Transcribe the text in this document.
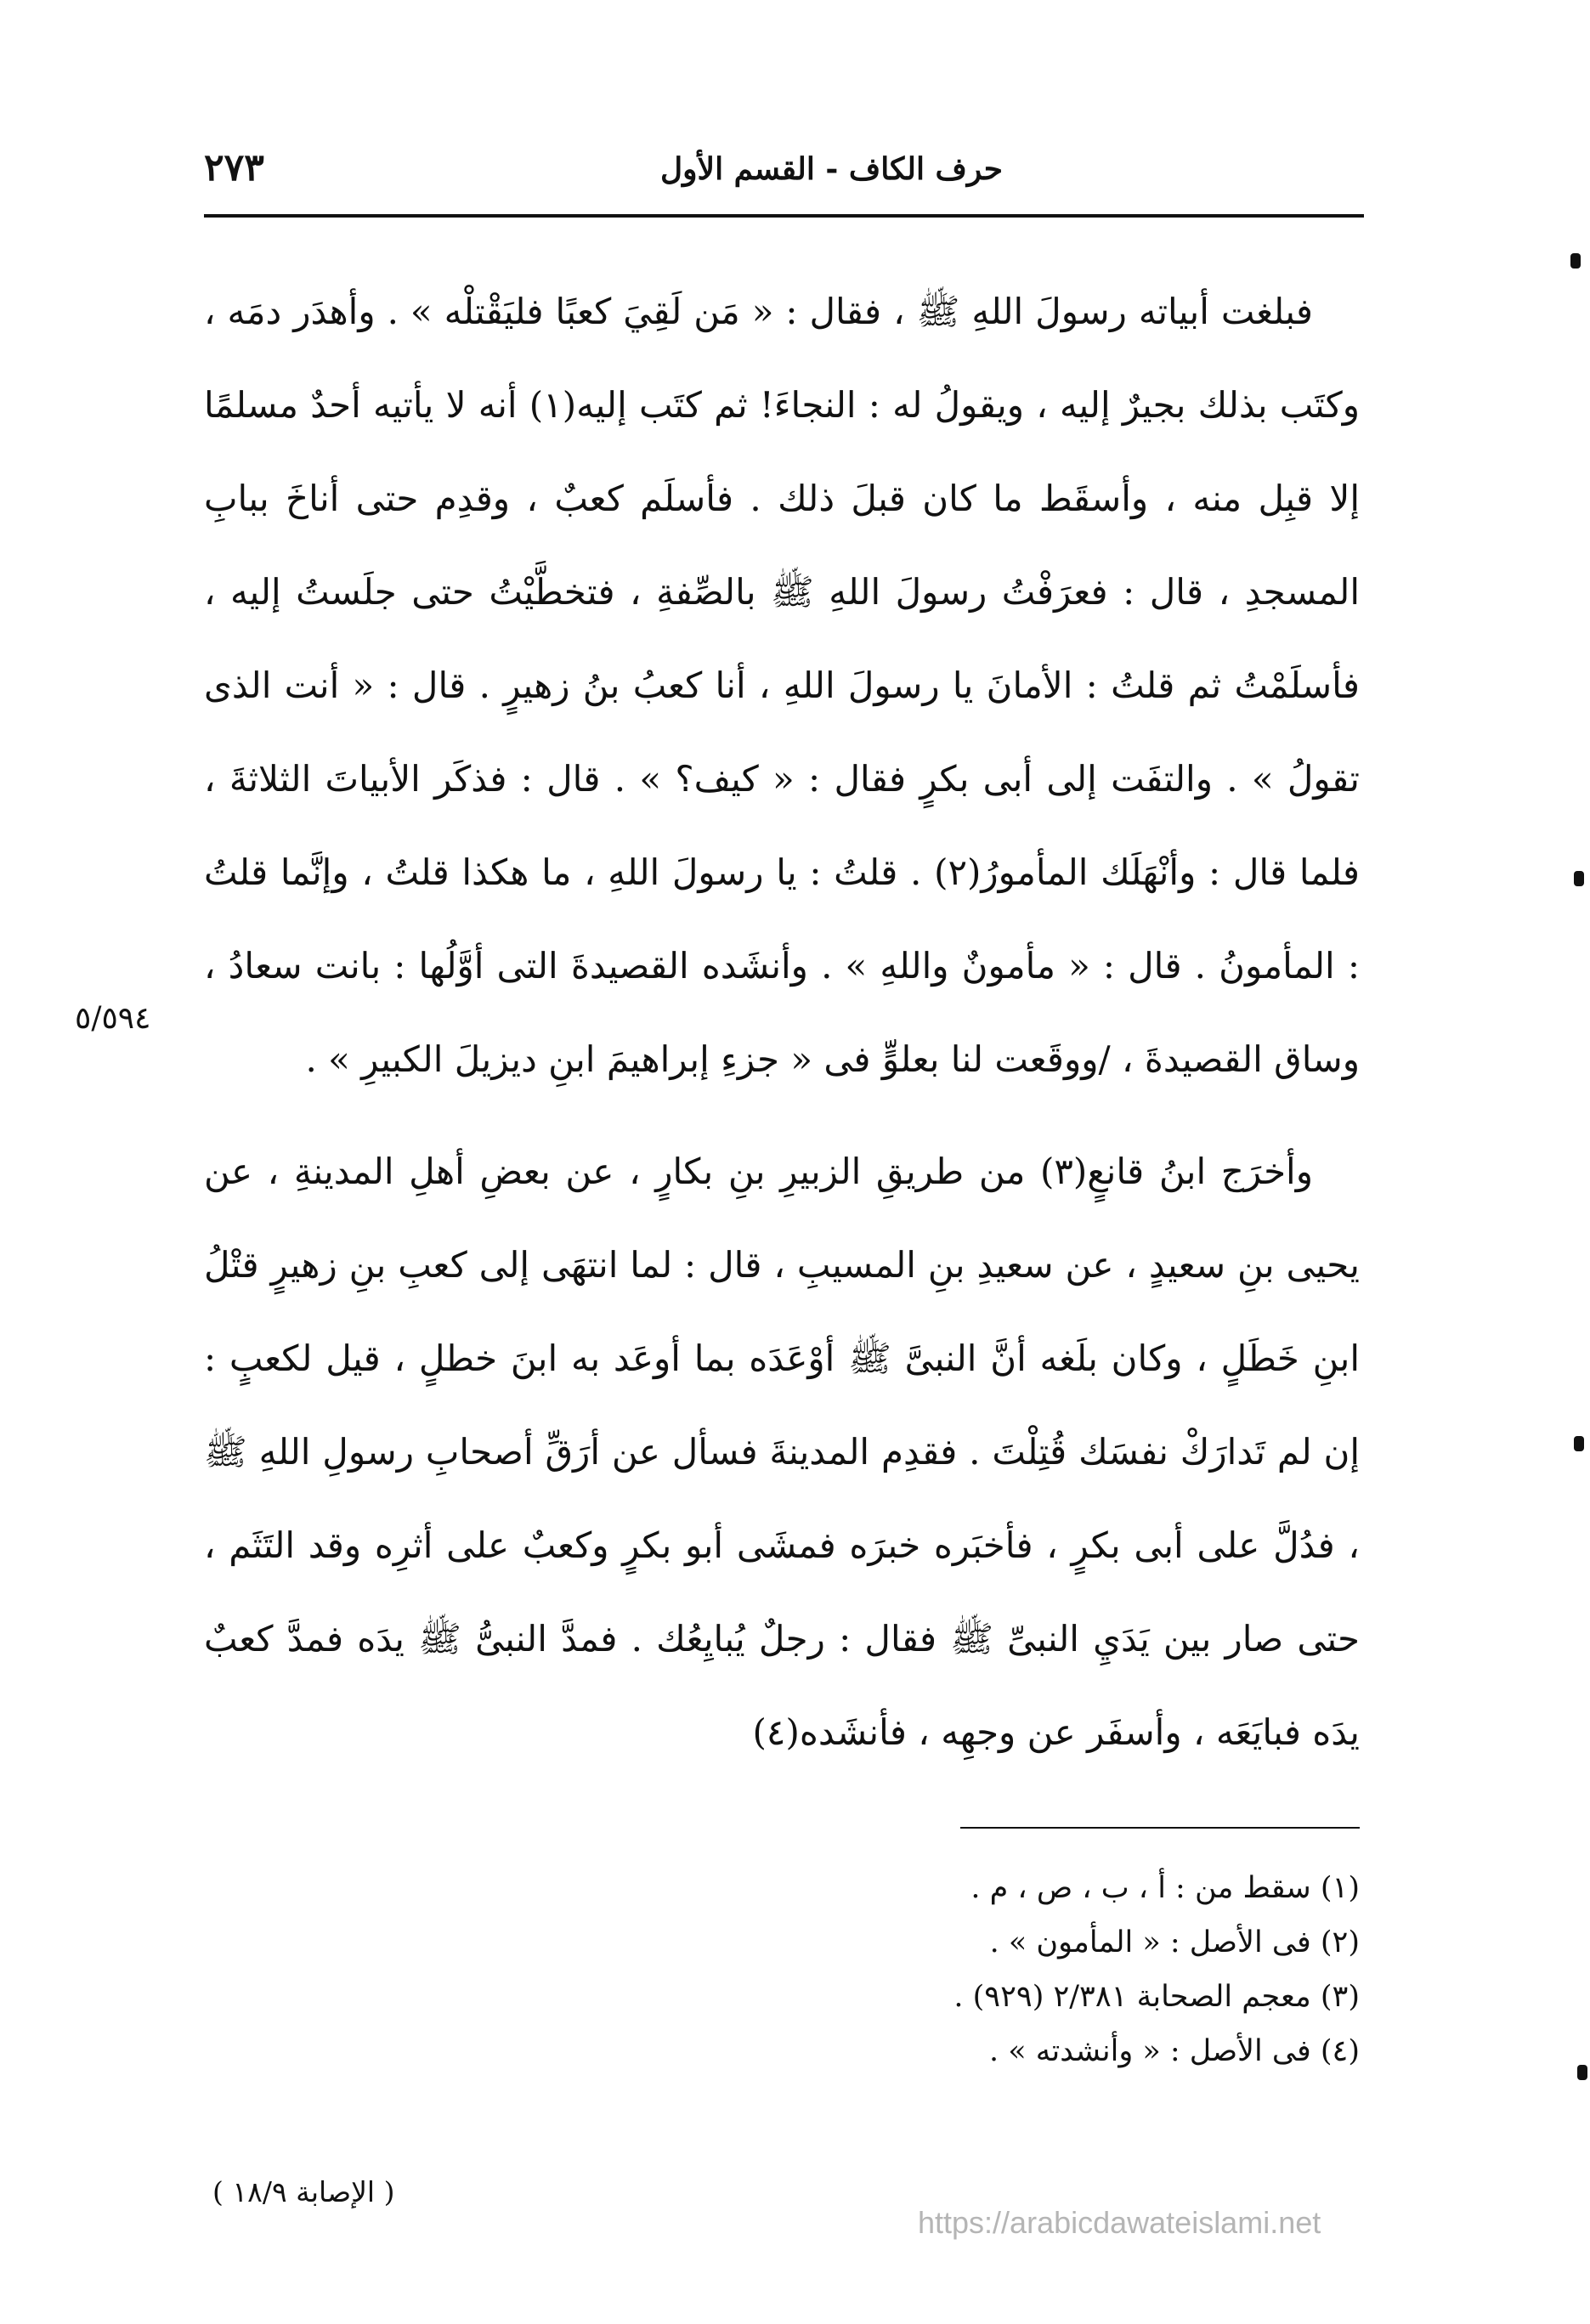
حرف الكاف - القسم الأول
٢٧٣

فبلغت أبياته رسولَ اللهِ ﷺ ، فقال : « مَن لَقِيَ كعبًا فليَقْتلْه » . وأهدَر دمَه ، وكتَب بذلك بجيرٌ إليه ، ويقولُ له : النجاءَ! ثم كتَب إليه(١) أنه لا يأتيه أحدٌ مسلمًا إلا قبِل منه ، وأسقَط ما كان قبلَ ذلك . فأسلَم كعبٌ ، وقدِم حتى أناخَ ببابِ المسجدِ ، قال : فعرَفْتُ رسولَ اللهِ ﷺ بالصِّفةِ ، فتخطَّيْتُ حتى جلَستُ إليه ، فأسلَمْتُ ثم قلتُ : الأمانَ يا رسولَ اللهِ ، أنا كعبُ بنُ زهيرٍ . قال : « أنت الذى تقولُ » . والتفَت إلى أبى بكرٍ فقال : « كيف؟ » . قال : فذكَر الأبياتَ الثلاثةَ ، فلما قال : وأنْهَلَك المأمورُ(٢) . قلتُ : يا رسولَ اللهِ ، ما هكذا قلتُ ، وإنَّما قلتُ : المأمونُ . قال : « مأمونٌ واللهِ » . وأنشَده القصيدةَ التى أوَّلُها : بانت سعادُ ، وساق القصيدةَ ، /ووقَعت لنا بعلوٍّ فى « جزءِ إبراهيمَ ابنِ ديزيلَ الكبيرِ » .

وأخرَج ابنُ قانعٍ(٣) من طريقِ الزبيرِ بنِ بكارٍ ، عن بعضِ أهلِ المدينةِ ، عن يحيى بنِ سعيدٍ ، عن سعيدِ بنِ المسيبِ ، قال : لما انتهَى إلى كعبِ بنِ زهيرٍ قتْلُ ابنِ خَطَلٍ ، وكان بلَغه أنَّ النبىَّ ﷺ أوْعَدَه بما أوعَد به ابنَ خطلٍ ، قيل لكعبٍ : إن لم تَدارَكْ نفسَك قُتِلْتَ . فقدِم المدينةَ فسأل عن أرَقِّ أصحابِ رسولِ اللهِ ﷺ ، فدُلَّ على أبى بكرٍ ، فأخبَره خبرَه فمشَى أبو بكرٍ وكعبٌ على أثرِه وقد التَثَم ، حتى صار بين يَدَيِ النبىِّ ﷺ فقال : رجلٌ يُبايِعُك . فمدَّ النبىُّ ﷺ يدَه فمدَّ كعبٌ يدَه فبايَعَه ، وأسفَر عن وجهِه ، فأنشَده(٤)

٥/٥٩٤

(١) سقط من : أ ، ب ، ص ، م .

(٢) فى الأصل : « المأمون » .

(٣) معجم الصحابة ٢/٣٨١ (٩٢٩) .

(٤) فى الأصل : « وأنشدته » .

( الإصابة ١٨/٩ )
https://arabicdawateislami.net
